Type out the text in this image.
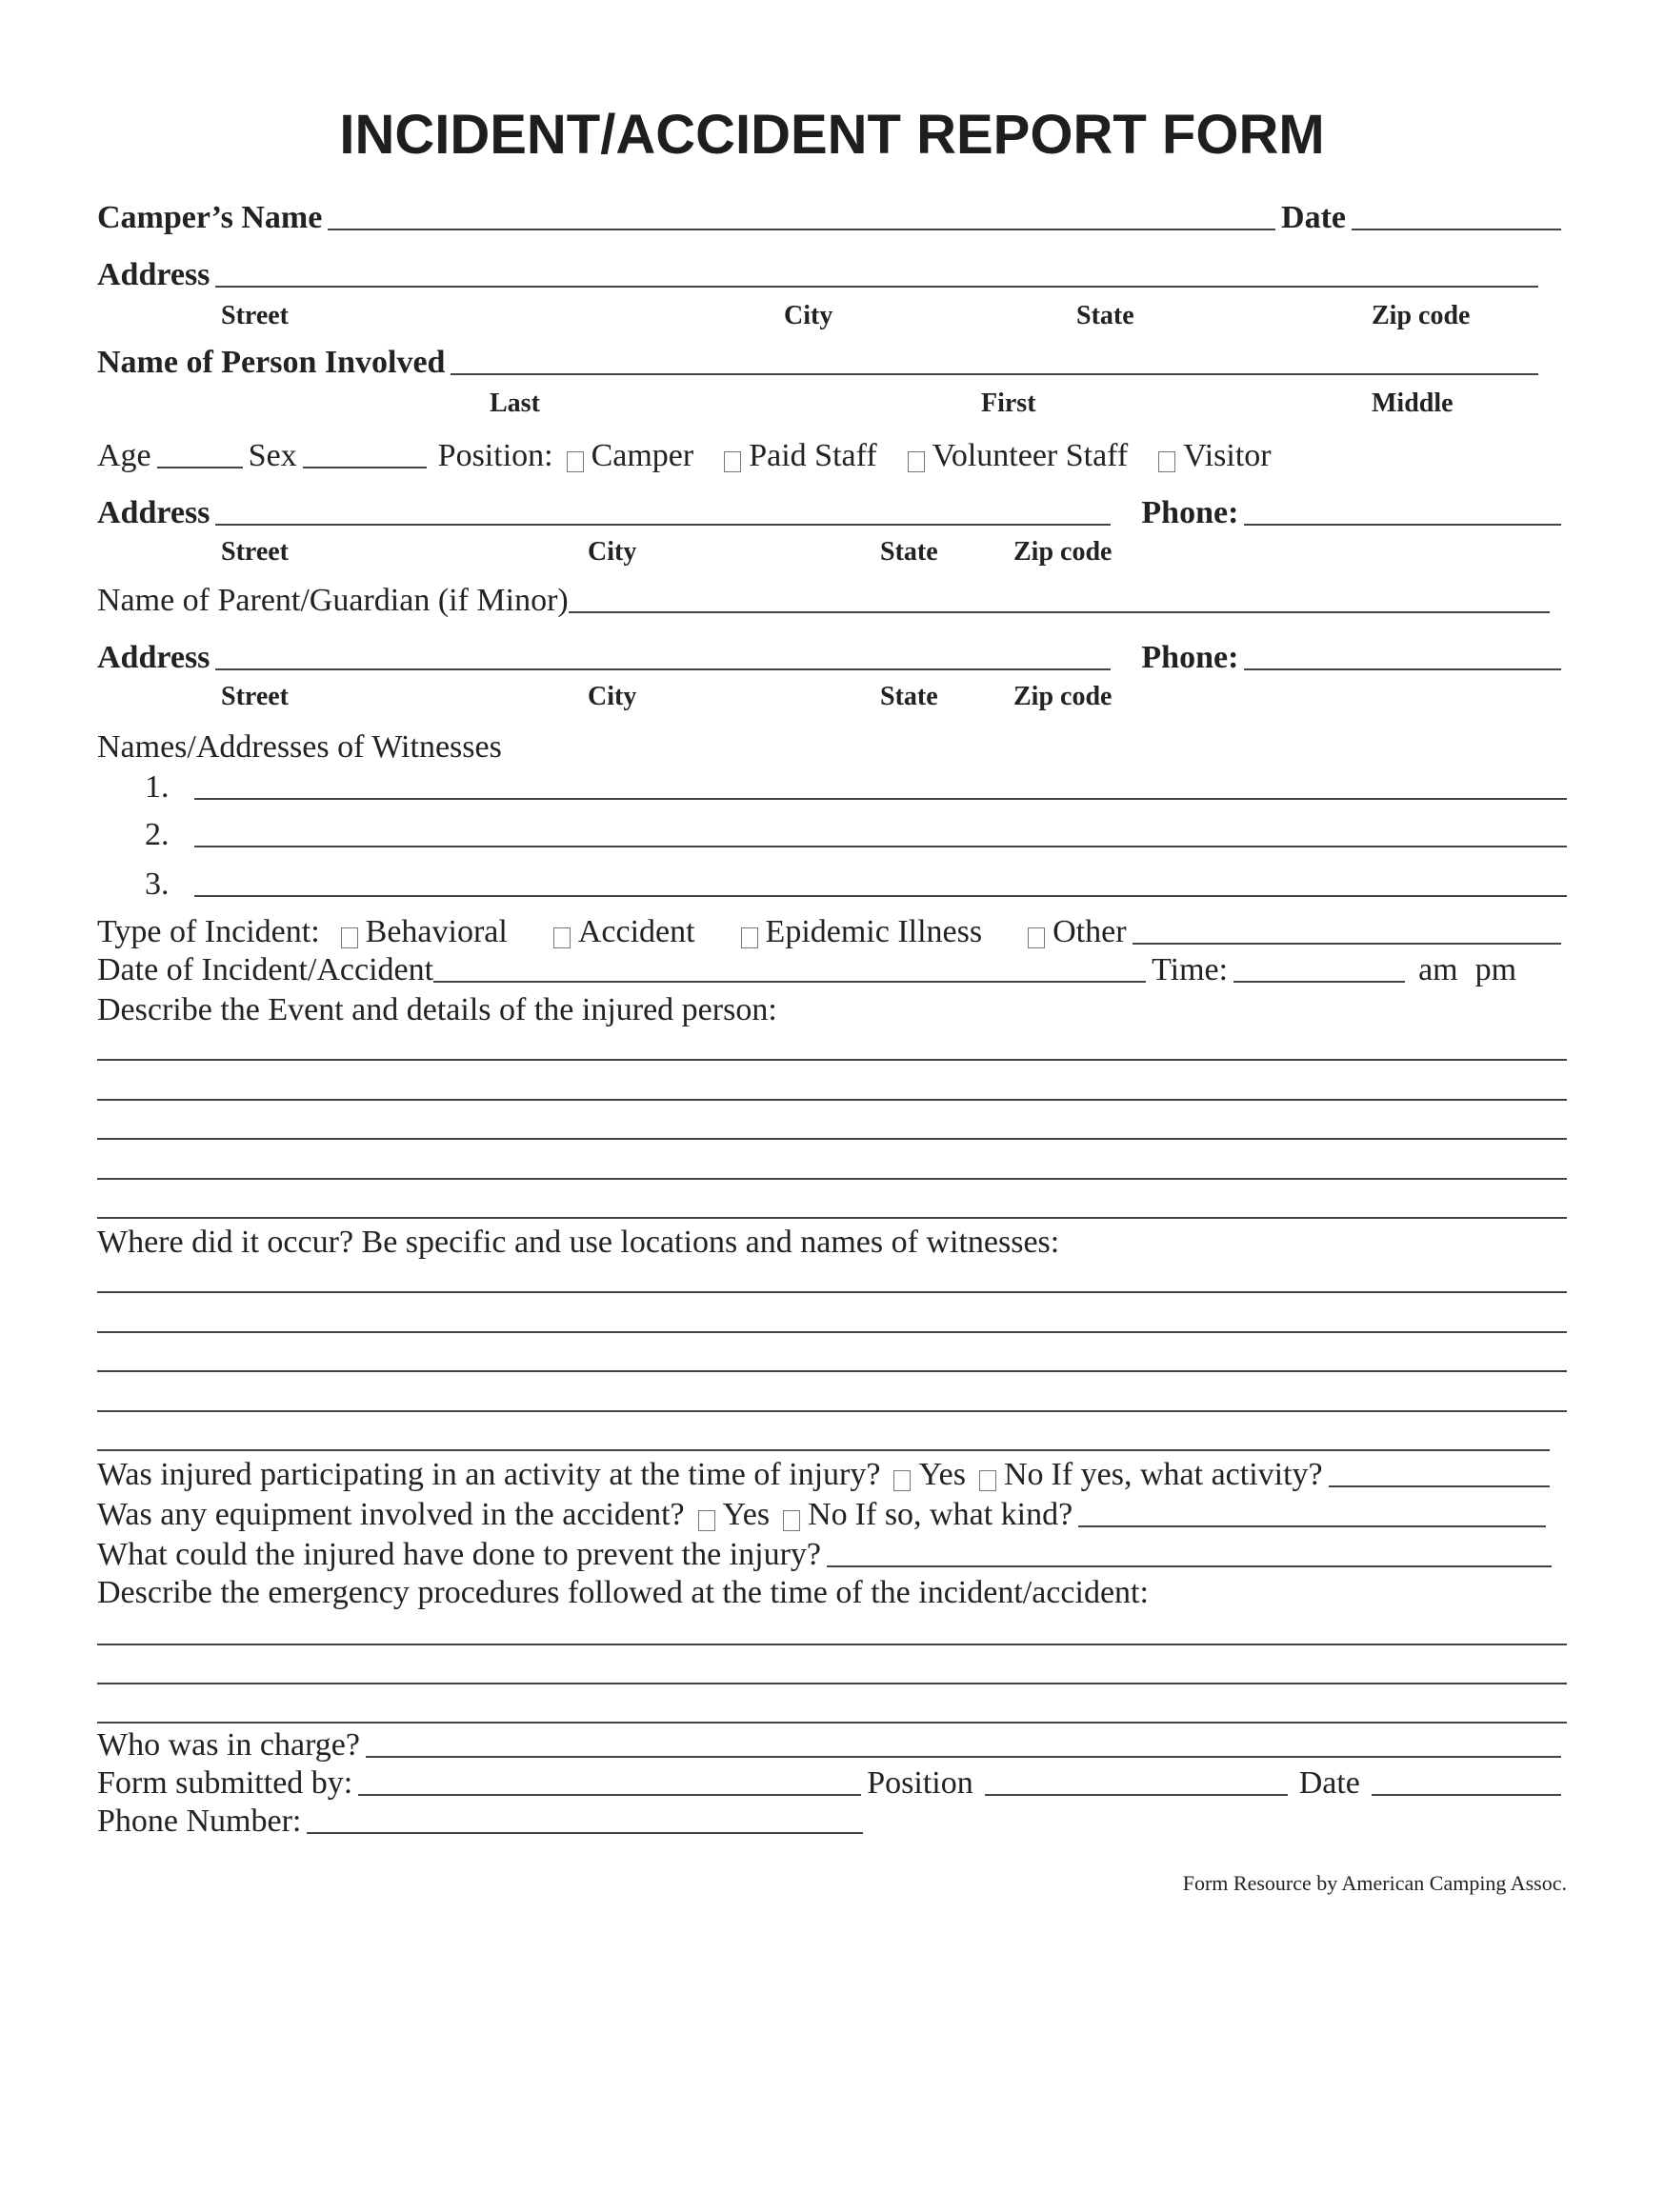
INCIDENT/ACCIDENT REPORT FORM
Camper’s Name	Date
Address
Street	City	State	Zip code
Name of Person Involved
Last	First	Middle
Age	Sex	Position: Camper Paid Staff Volunteer Staff Visitor
Address	Phone:
Street	City	State	Zip code
Name of Parent/Guardian (if Minor)
Address	Phone:
Street	City	State	Zip code
Names/Addresses of Witnesses
1.
2.
3.
Type of Incident: Behavioral Accident Epidemic Illness Other
Date of Incident/Accident	Time:	am pm
Describe the Event and details of the injured person:
Where did it occur? Be specific and use locations and names of witnesses:
Was injured participating in an activity at the time of injury? Yes No If yes, what activity?
Was any equipment involved in the accident? Yes No If so, what kind?
What could the injured have done to prevent the injury?
Describe the emergency procedures followed at the time of the incident/accident:
Who was in charge?
Form submitted by:	Position	Date
Phone Number:
Form Resource by American Camping Assoc.
